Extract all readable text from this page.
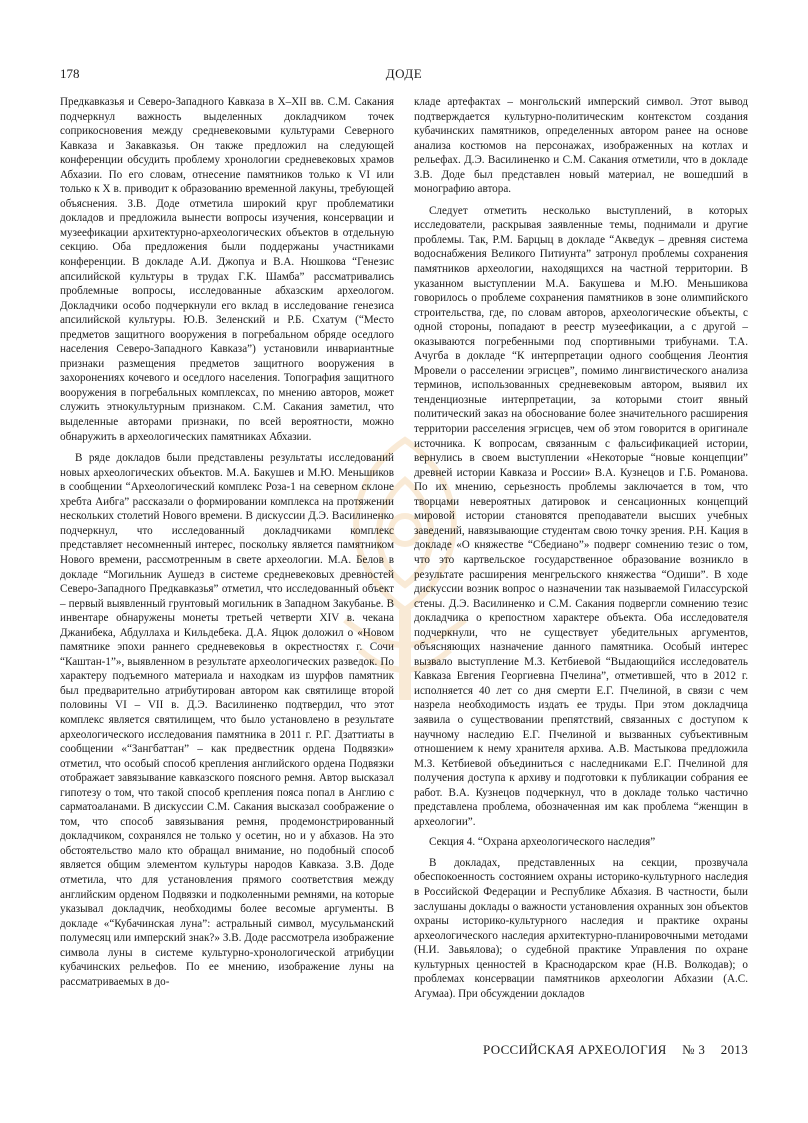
178	ДОДЕ

Предкавказья и Северо-Западного Кавказа в X–XII вв. С.М. Сакания подчеркнул важность выделенных докладчиком точек соприкосновения между средневековыми культурами Северного Кавказа и Закавказья. Он также предложил на следующей конференции обсудить проблему хронологии средневековых храмов Абхазии. По его словам, отнесение памятников только к VI или только к X в. приводит к образованию временной лакуны, требующей объяснения. З.В. Доде отметила широкий круг проблематики докладов и предложила вынести вопросы изучения, консервации и музеефикации архитектурно-археологических объектов в отдельную секцию. Оба предложения были поддержаны участниками конференции. В докладе А.И. Джопуа и В.А. Нюшкова “Генезис апсилийской культуры в трудах Г.К. Шамба” рассматривались проблемные вопросы, исследованные абхазским археологом. Докладчики особо подчеркнули его вклад в исследование генезиса апсилийской культуры. Ю.В. Зеленский и Р.Б. Схатум (“Место предметов защитного вооружения в погребальном обряде оседлого населения Северо-Западного Кавказа”) установили инвариантные признаки размещения предметов защитного вооружения в захоронениях кочевого и оседлого населения. Топография защитного вооружения в погребальных комплексах, по мнению авторов, может служить этнокультурным признаком. С.М. Сакания заметил, что выделенные авторами признаки, по всей вероятности, можно обнаружить в археологических памятниках Абхазии.

В ряде докладов были представлены результаты исследований новых археологических объектов. М.А. Бакушев и М.Ю. Меньшиков в сообщении “Археологический комплекс Роза-1 на северном склоне хребта Аибга” рассказали о формировании комплекса на протяжении нескольких столетий Нового времени. В дискуссии Д.Э. Василиненко подчеркнул, что исследованный докладчиками комплекс представляет несомненный интерес, поскольку является памятником Нового времени, рассмотренным в свете археологии. М.А. Белов в докладе “Могильник Аушедз в системе средневековых древностей Северо-Западного Предкавказья” отметил, что исследованный объект – первый выявленный грунтовый могильник в Западном Закубанье. В инвентаре обнаружены монеты третьей четверти XIV в. чекана Джанибека, Абдуллаха и Кильдебека. Д.А. Яцюк доложил о «Новом памятнике эпохи раннего средневековья в окрестностях г. Сочи “Каштан-1”», выявленном в результате археологических разведок. По характеру подъемного материала и находкам из шурфов памятник был предварительно атрибутирован автором как святилище второй половины VI – VII в. Д.Э. Василиненко подтвердил, что этот комплекс является святилищем, что было установлено в результате археологического исследования памятника в 2011 г. Р.Г. Дзаттиаты в сообщении «“Зангбаттан” – как предвестник ордена Подвязки» отметил, что особый способ крепления английского ордена Подвязки отображает завязывание кавказского поясного ремня. Автор высказал гипотезу о том, что такой способ крепления пояса попал в Англию с сарматоаланами. В дискуссии С.М. Сакания высказал соображение о том, что способ завязывания ремня, продемонстрированный докладчиком, сохранялся не только у осетин, но и у абхазов. На это обстоятельство мало кто обращал внимание, но подобный способ является общим элементом культуры народов Кавказа. З.В. Доде отметила, что для установления прямого соответствия между английским орденом Подвязки и подколенными ремнями, на которые указывал докладчик, необходимы более весомые аргументы. В докладе «“Кубачинская луна”: астральный символ, мусульманский полумесяц или имперский знак?» З.В. Доде рассмотрела изображение символа луны в системе культурно-хронологической атрибуции кубачинских рельефов. По ее мнению, изображение луны на рассматриваемых в до-

кладе артефактах – монгольский имперский символ. Этот вывод подтверждается культурно-политическим контекстом создания кубачинских памятников, определенных автором ранее на основе анализа костюмов на персонажах, изображенных на котлах и рельефах. Д.Э. Василиненко и С.М. Сакания отметили, что в докладе З.В. Доде был представлен новый материал, не вошедший в монографию автора.

Следует отметить несколько выступлений, в которых исследователи, раскрывая заявленные темы, поднимали и другие проблемы. Так, Р.М. Барцыц в докладе “Акведук – древняя система водоснабжения Великого Питиунта” затронул проблемы сохранения памятников археологии, находящихся на частной территории. В указанном выступлении М.А. Бакушева и М.Ю. Меньшикова говорилось о проблеме сохранения памятников в зоне олимпийского строительства, где, по словам авторов, археологические объекты, с одной стороны, попадают в реестр музеефикации, а с другой – оказываются погребенными под спортивными трибунами. Т.А. Ачугба в докладе “К интерпретации одного сообщения Леонтия Мровели о расселении эгрисцев”, помимо лингвистического анализа терминов, использованных средневековым автором, выявил их тенденциозные интерпретации, за которыми стоит явный политический заказ на обоснование более значительного расширения территории расселения эгрисцев, чем об этом говорится в оригинале источника. К вопросам, связанным с фальсификацией истории, вернулись в своем выступлении «Некоторые “новые концепции” древней истории Кавказа и России» В.А. Кузнецов и Г.Б. Романова. По их мнению, серьезность проблемы заключается в том, что творцами невероятных датировок и сенсационных концепций мировой истории становятся преподаватели высших учебных заведений, навязывающие студентам свою точку зрения. Р.Н. Кация в докладе «О княжестве “Сбедиано”» подверг сомнению тезис о том, что это картвельское государственное образование возникло в результате расширения менгрельского княжества “Одиши”. В ходе дискуссии возник вопрос о назначении так называемой Гилассурской стены. Д.Э. Василиненко и С.М. Сакания подвергли сомнению тезис докладчика о крепостном характере объекта. Оба исследователя подчеркнули, что не существует убедительных аргументов, объясняющих назначение данного памятника. Особый интерес вызвало выступление М.З. Кетбиевой “Выдающийся исследователь Кавказа Евгения Георгиевна Пчелина”, отметившей, что в 2012 г. исполняется 40 лет со дня смерти Е.Г. Пчелиной, в связи с чем назрела необходимость издать ее труды. При этом докладчица заявила о существовании препятствий, связанных с доступом к научному наследию Е.Г. Пчелиной и вызванных субъективным отношением к нему хранителя архива. А.В. Мастыкова предложила М.З. Кетбиевой объединиться с наследниками Е.Г. Пчелиной для получения доступа к архиву и подготовки к публикации собрания ее работ. В.А. Кузнецов подчеркнул, что в докладе только частично представлена проблема, обозначенная им как проблема “женщин в археологии”.

Секция 4. “Охрана археологического наследия”

В докладах, представленных на секции, прозвучала обеспокоенность состоянием охраны историко-культурного наследия в Российской Федерации и Республике Абхазия. В частности, были заслушаны доклады о важности установления охранных зон объектов охраны историко-культурного наследия и практике охраны археологического наследия архитектурно-планировочными методами (Н.И. Завьялова); о судебной практике Управления по охране культурных ценностей в Краснодарском крае (Н.В. Волкодав); о проблемах консервации памятников археологии Абхазии (А.С. Агумаа). При обсуждении докладов

РОССИЙСКАЯ АРХЕОЛОГИЯ № 3 2013
